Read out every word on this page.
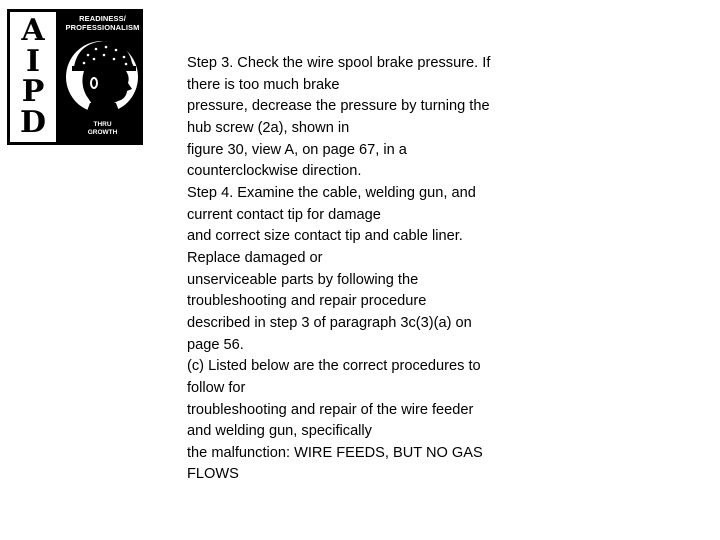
A
I
P
D
READINESS/
PROFESSIONALISM
THRU
GROWTH
Step 3. Check the wire spool brake pressure. If
there is too much brake
pressure, decrease the pressure by turning the
hub screw (2a), shown in
figure 30, view A, on page 67, in a
counterclockwise direction.
Step 4. Examine the cable, welding gun, and
current contact tip for damage
and correct size contact tip and cable liner.
Replace damaged or
unserviceable parts by following the
troubleshooting and repair procedure
described in step 3 of paragraph 3c(3)(a) on
page 56.
(c) Listed below are the correct procedures to
follow for
troubleshooting and repair of the wire feeder
and welding gun, specifically
the malfunction: WIRE FEEDS, BUT NO GAS
FLOWS
